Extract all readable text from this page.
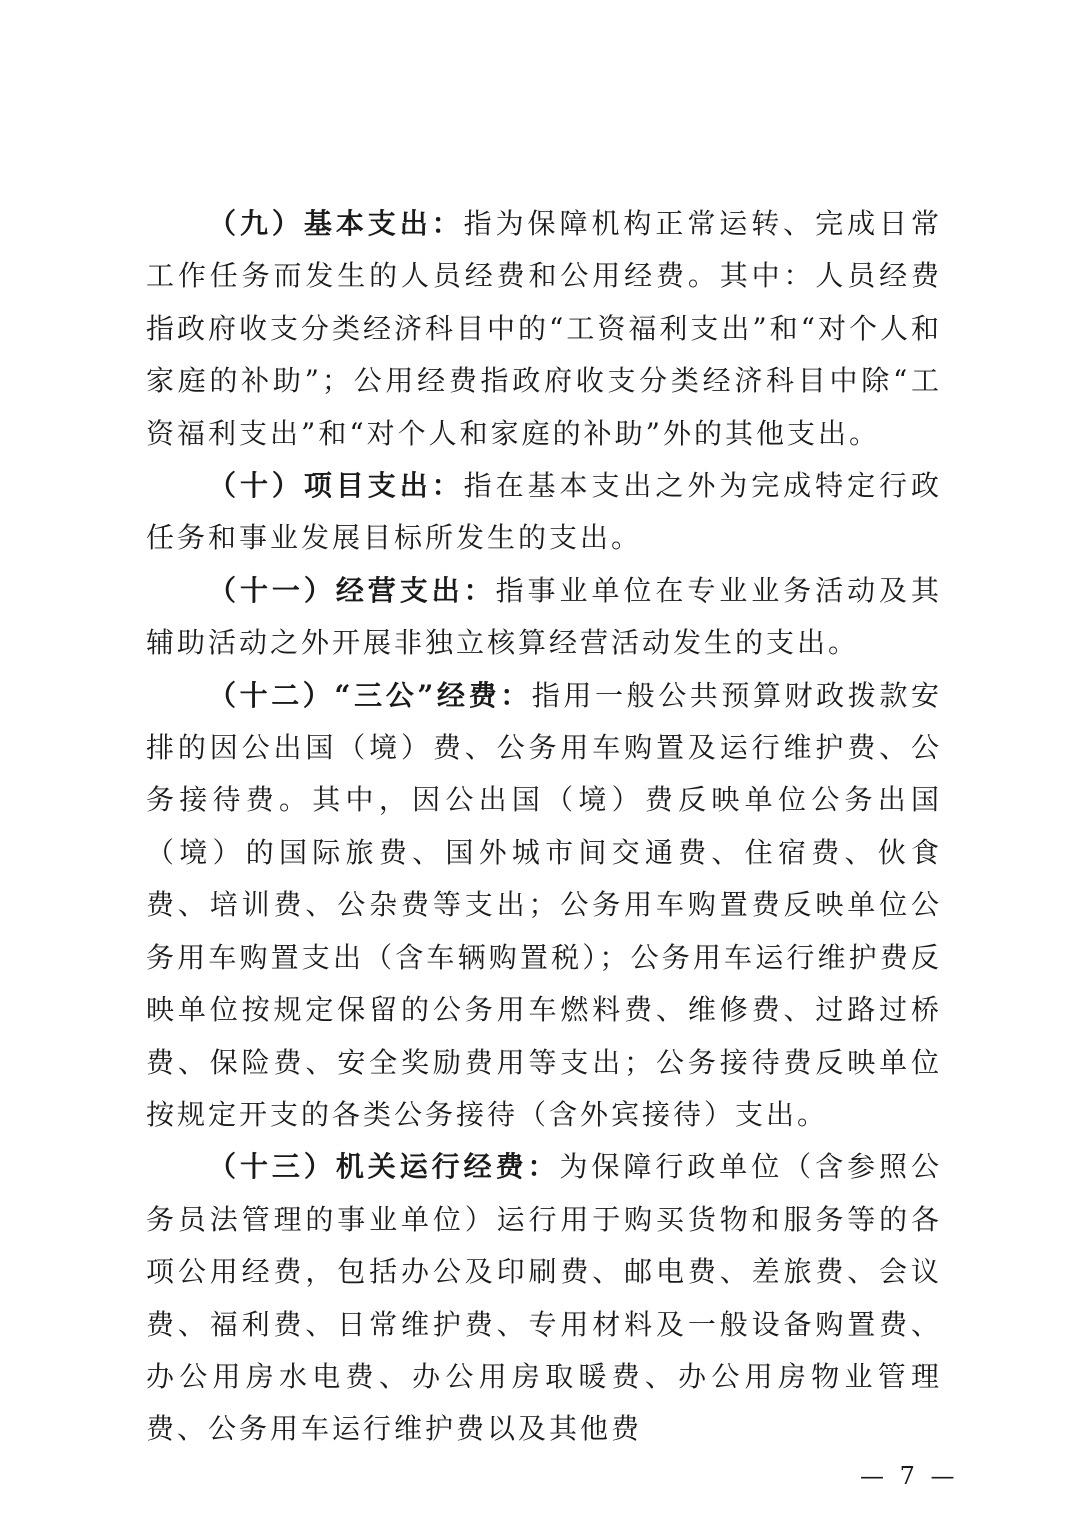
（九）基本支出：指为保障机构正常运转、完成日常工作任务而发生的人员经费和公用经费。其中：人员经费指政府收支分类经济科目中的“工资福利支出”和“对个人和家庭的补助”；公用经费指政府收支分类经济科目中除“工资福利支出”和“对个人和家庭的补助”外的其他支出。

（十）项目支出：指在基本支出之外为完成特定行政任务和事业发展目标所发生的支出。

（十一）经营支出：指事业单位在专业业务活动及其辅助活动之外开展非独立核算经营活动发生的支出。

（十二）“三公”经费：指用一般公共预算财政拨款安排的因公出国（境）费、公务用车购置及运行维护费、公务接待费。其中，因公出国（境）费反映单位公务出国（境）的国际旅费、国外城市间交通费、住宿费、伙食费、培训费、公杂费等支出；公务用车购置费反映单位公务用车购置支出（含车辆购置税）；公务用车运行维护费反映单位按规定保留的公务用车燃料费、维修费、过路过桥费、保险费、安全奖励费用等支出；公务接待费反映单位按规定开支的各类公务接待（含外宾接待）支出。

（十三）机关运行经费：为保障行政单位（含参照公务员法管理的事业单位）运行用于购买货物和服务等的各项公用经费，包括办公及印刷费、邮电费、差旅费、会议费、福利费、日常维护费、专用材料及一般设备购置费、办公用房水电费、办公用房取暖费、办公用房物业管理费、公务用车运行维护费以及其他费

— 7 —
